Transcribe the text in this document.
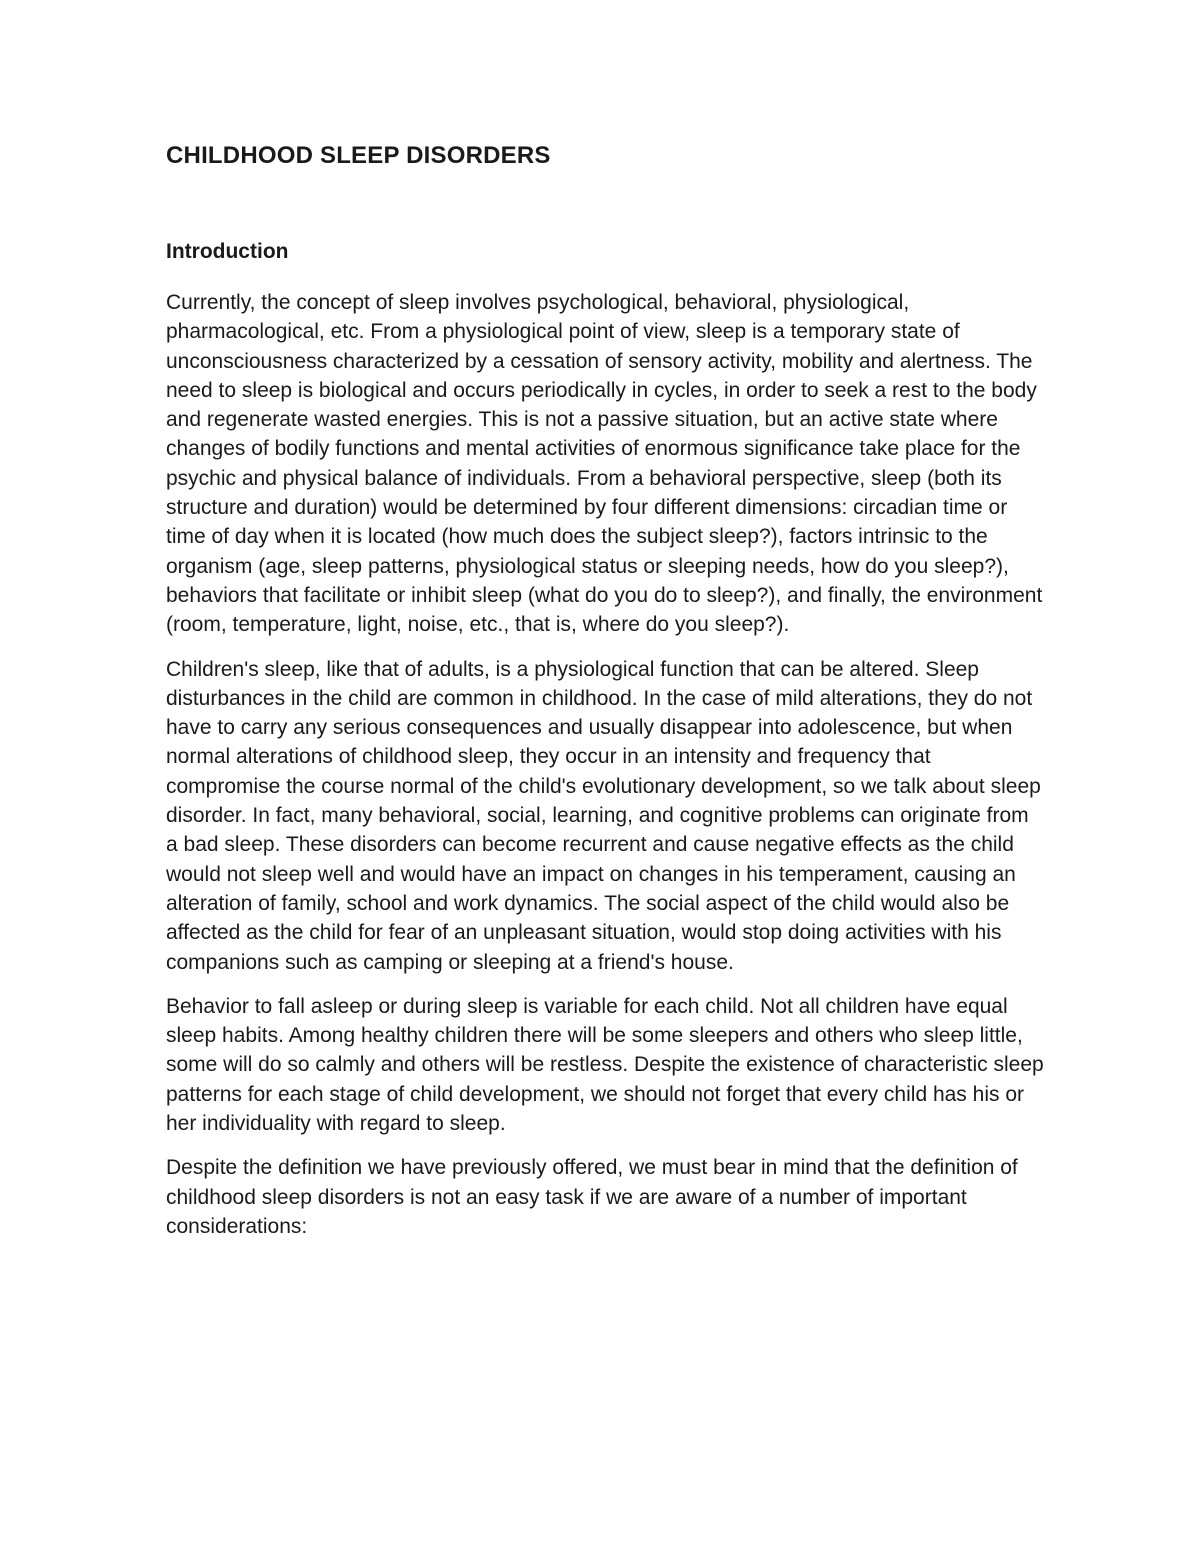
CHILDHOOD SLEEP DISORDERS
Introduction

Currently, the concept of sleep involves psychological, behavioral, physiological, pharmacological, etc. From a physiological point of view, sleep is a temporary state of unconsciousness characterized by a cessation of sensory activity, mobility and alertness. The need to sleep is biological and occurs periodically in cycles, in order to seek a rest to the body and regenerate wasted energies. This is not a passive situation, but an active state where changes of bodily functions and mental activities of enormous significance take place for the psychic and physical balance of individuals. From a behavioral perspective, sleep (both its structure and duration) would be determined by four different dimensions: circadian time or time of day when it is located (how much does the subject sleep?), factors intrinsic to the organism (age, sleep patterns, physiological status or sleeping needs, how do you sleep?), behaviors that facilitate or inhibit sleep (what do you do to sleep?), and finally, the environment (room, temperature, light, noise, etc., that is, where do you sleep?).

Children's sleep, like that of adults, is a physiological function that can be altered. Sleep disturbances in the child are common in childhood. In the case of mild alterations, they do not have to carry any serious consequences and usually disappear into adolescence, but when normal alterations of childhood sleep, they occur in an intensity and frequency that compromise the course normal of the child's evolutionary development, so we talk about sleep disorder. In fact, many behavioral, social, learning, and cognitive problems can originate from a bad sleep. These disorders can become recurrent and cause negative effects as the child would not sleep well and would have an impact on changes in his temperament, causing an alteration of family, school and work dynamics. The social aspect of the child would also be affected as the child for fear of an unpleasant situation, would stop doing activities with his companions such as camping or sleeping at a friend's house.

Behavior to fall asleep or during sleep is variable for each child. Not all children have equal sleep habits. Among healthy children there will be some sleepers and others who sleep little, some will do so calmly and others will be restless. Despite the existence of characteristic sleep patterns for each stage of child development, we should not forget that every child has his or her individuality with regard to sleep.

Despite the definition we have previously offered, we must bear in mind that the definition of childhood sleep disorders is not an easy task if we are aware of a number of important considerations:
